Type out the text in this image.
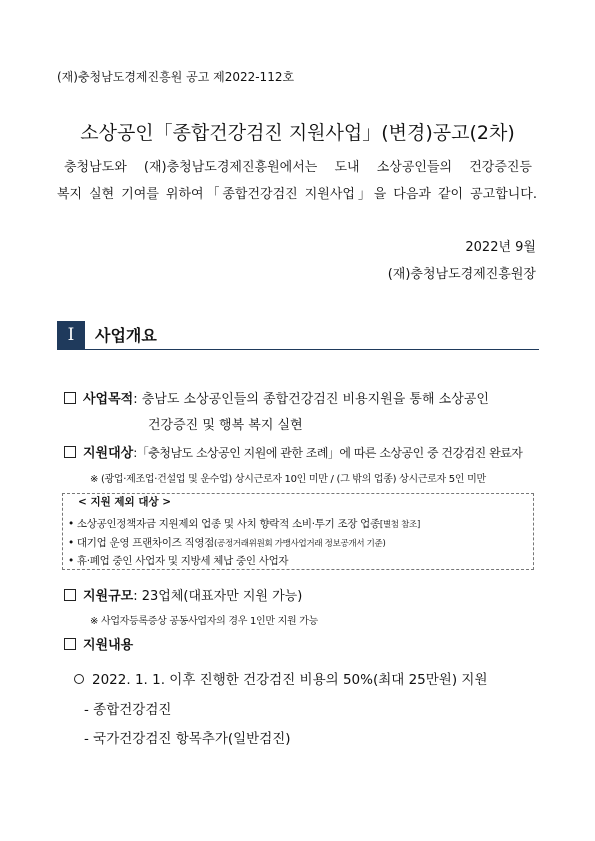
(재)충청남도경제진흥원 공고 제2022-112호
소상공인「종합건강검진 지원사업」(변경)공고(2차)
충청남도와 (재)충청남도경제진흥원에서는 도내 소상공인들의 건강증진등
복지 실현 기여를 위하여「종합건강검진 지원사업」을 다음과 같이 공고합니다.
2022년 9월
(재)충청남도경제진흥원장
Ⅰ	사업개요
사업목적: 충남도 소상공인들의 종합건강검진 비용지원을 통해 소상공인
건강증진 및 행복 복지 실현
지원대상:「충청남도 소상공인 지원에 관한 조례」에 따른 소상공인 중 건강검진 완료자
※ (광업·제조업·건설업 및 운수업) 상시근로자 10인 미만 / (그 밖의 업종) 상시근로자 5인 미만
< 지원 제외 대상 >
• 소상공인정책자금 지원제외 업종 및 사치 향락적 소비·투기 조장 업종[별첨 참조]
• 대기업 운영 프랜차이즈 직영점(공정거래위원회 가맹사업거래 정보공개서 기준)
• 휴·폐업 중인 사업자 및 지방세 체납 중인 사업자
지원규모: 23업체(대표자만 지원 가능)
※ 사업자등록증상 공동사업자의 경우 1인만 지원 가능
지원내용
2022. 1. 1. 이후 진행한 건강검진 비용의 50%(최대 25만원) 지원
- 종합건강검진
- 국가건강검진 항목추가(일반검진)
